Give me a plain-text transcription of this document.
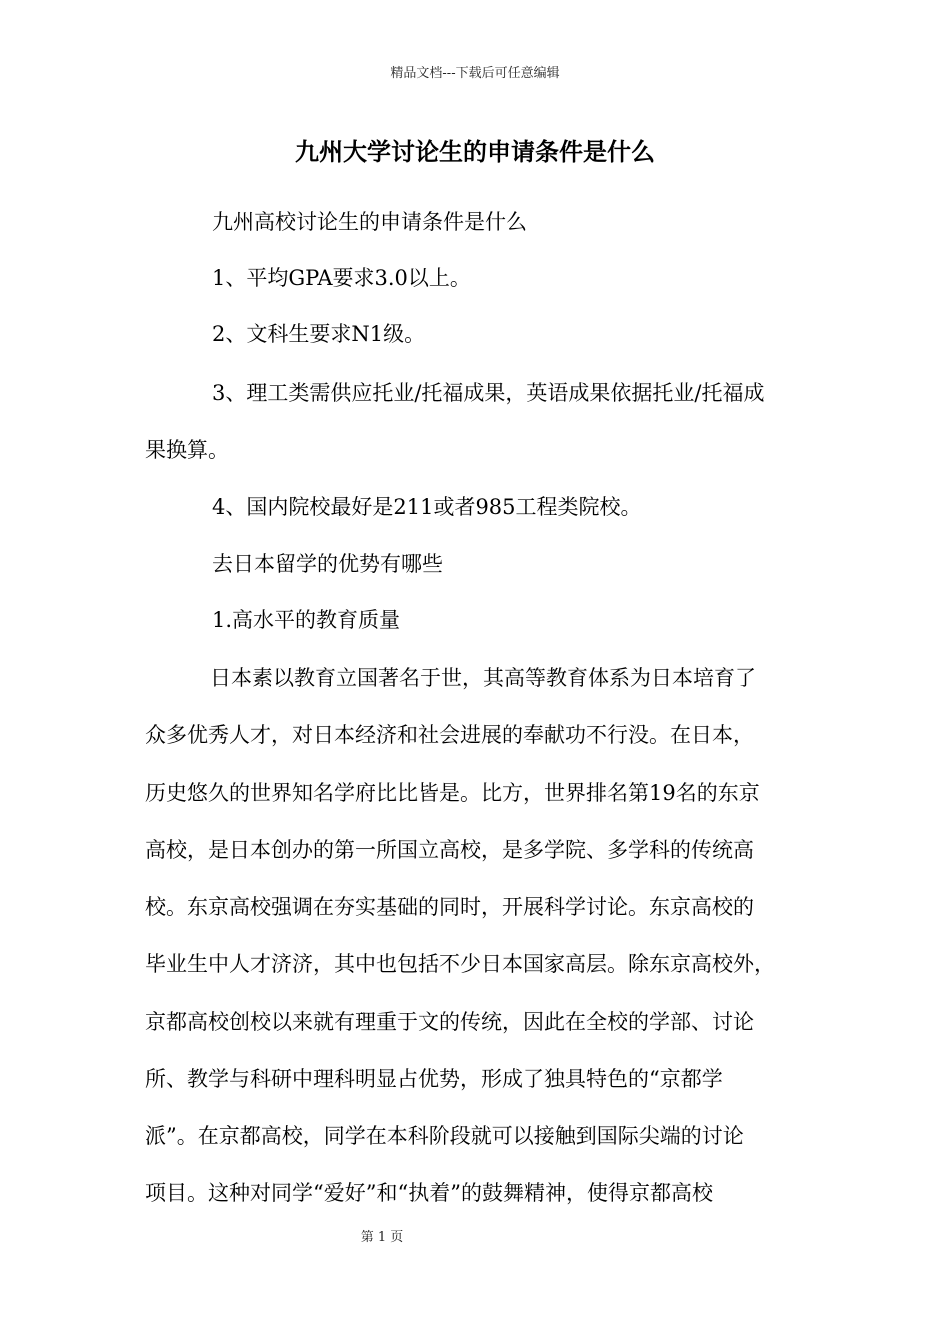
精品文档---下载后可任意编辑
九州大学讨论生的申请条件是什么
九州高校讨论生的申请条件是什么
1、平均GPA要求3.0以上。
2、文科生要求N1级。
3、理工类需供应托业/托福成果，英语成果依据托业/托福成
果换算。
4、国内院校最好是211或者985工程类院校。
去日本留学的优势有哪些
1.高水平的教育质量
日本素以教育立国著名于世，其高等教育体系为日本培育了
众多优秀人才，对日本经济和社会进展的奉献功不行没。在日本，
历史悠久的世界知名学府比比皆是。比方，世界排名第19名的东京
高校，是日本创办的第一所国立高校，是多学院、多学科的传统高
校。东京高校强调在夯实基础的同时，开展科学讨论。东京高校的
毕业生中人才济济，其中也包括不少日本国家高层。除东京高校外，
京都高校创校以来就有理重于文的传统，因此在全校的学部、讨论
所、教学与科研中理科明显占优势，形成了独具特色的“京都学
派”。在京都高校，同学在本科阶段就可以接触到国际尖端的讨论
项目。这种对同学“爱好”和“执着”的鼓舞精神，使得京都高校
第 1 页
